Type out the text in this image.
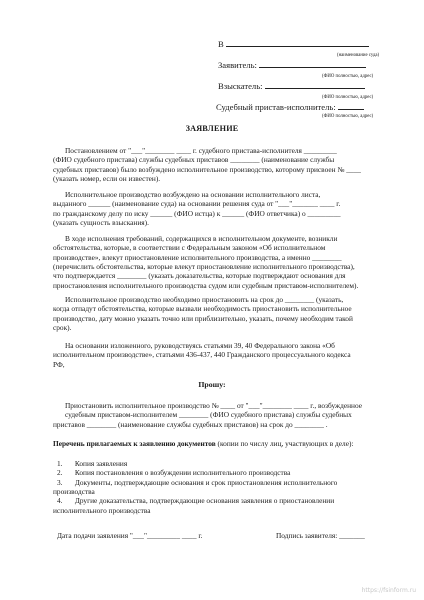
В
(наименование суда)
Заявитель:
(ФИО полностью, адрес)
Взыскатель:
(ФИО полностью, адрес)
Судебный пристав-исполнитель:
(ФИО полностью, адрес)
ЗАЯВЛЕНИЕ
Постановлением от "___"________ ____ г. судебного пристава-исполнителя _________
(ФИО судебного пристава) службы судебных приставов ________ (наименование службы
судебных приставов) было возбуждено исполнительное производство, которому присвоен № ____
(указать номер, если он известен).
Исполнительное производство возбуждено на основании исполнительного листа,
выданного ______ (наименование суда) на основании решения суда от "___"_______ ____ г.
по гражданскому делу по иску ______ (ФИО истца) к ______ (ФИО ответчика) о _________
(указать сущность взыскания).
В ходе исполнения требований, содержащихся в исполнительном документе, возникли
обстоятельства, которые, в соответствии с Федеральным законом «Об исполнительном
производстве», влекут приостановление исполнительного производства, а именно ________
(перечислить обстоятельства, которые влекут приостановление исполнительного производства),
что подтверждается ________ (указать доказательства, которые подтверждают основания для
приостановления исполнительного производства судом или судебным приставом-исполнителем).
Исполнительное производство необходимо приостановить на срок до ________ (указать,
когда отпадут обстоятельства, которые вызвали необходимость приостановить исполнительное
производство, дату можно указать точно или приблизительно, указать, почему необходим такой
срок).
На основании изложенного, руководствуясь статьями 39, 40 Федерального закона «Об
исполнительном производстве», статьями 436-437, 440 Гражданского процессуального кодекса
РФ,
Прошу:
Приостановить исполнительное производство № ____ от "___"________ ____ г., возбужденное
судебным приставом-исполнителем ________ (ФИО судебного пристава) службы судебных
приставов ________ (наименование службы судебных приставов) на срок до ________ .
Перечень прилагаемых к заявлению документов (копии по числу лиц, участвующих в деле):
1. Копия заявления
2. Копия постановления о возбуждении исполнительного производства
3. Документы, подтверждающие основания и срок приостановления исполнительного
производства
4. Другие доказательства, подтверждающие основания заявления о приостановлении
исполнительного производства
Дата подачи заявления "___"_________ ____ г.	Подпись заявителя: _______
https://fsinform.ru
